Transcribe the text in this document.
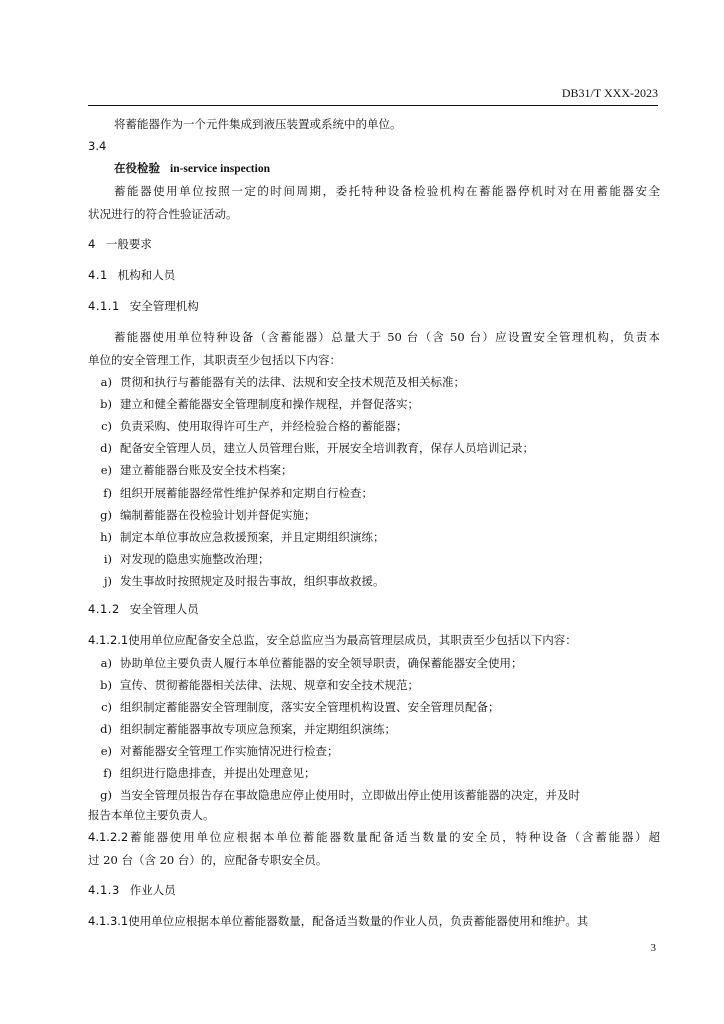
DB31/T XXX-2023
将蓄能器作为一个元件集成到液压装置或系统中的单位。
3.4
在役检验 in-service inspection
蓄能器使用单位按照一定的时间周期，委托特种设备检验机构在蓄能器停机时对在用蓄能器安全
状况进行的符合性验证活动。
4 一般要求
4.1 机构和人员
4.1.1 安全管理机构
蓄能器使用单位特种设备（含蓄能器）总量大于 50 台（含 50 台）应设置安全管理机构，负责本
单位的安全管理工作，其职责至少包括以下内容：
a) 贯彻和执行与蓄能器有关的法律、法规和安全技术规范及相关标准；
b) 建立和健全蓄能器安全管理制度和操作规程，并督促落实；
c) 负责采购、使用取得许可生产，并经检验合格的蓄能器；
d) 配备安全管理人员，建立人员管理台账，开展安全培训教育，保存人员培训记录；
e) 建立蓄能器台账及安全技术档案；
f) 组织开展蓄能器经常性维护保养和定期自行检查；
g) 编制蓄能器在役检验计划并督促实施；
h) 制定本单位事故应急救援预案，并且定期组织演练；
i) 对发现的隐患实施整改治理；
j) 发生事故时按照规定及时报告事故，组织事故救援。
4.1.2 安全管理人员
4.1.2.1使用单位应配备安全总监，安全总监应当为最高管理层成员，其职责至少包括以下内容：
a) 协助单位主要负责人履行本单位蓄能器的安全领导职责，确保蓄能器安全使用；
b) 宣传、贯彻蓄能器相关法律、法规、规章和安全技术规范；
c) 组织制定蓄能器安全管理制度，落实安全管理机构设置、安全管理员配备；
d) 组织制定蓄能器事故专项应急预案，并定期组织演练；
e) 对蓄能器安全管理工作实施情况进行检查；
f) 组织进行隐患排查，并提出处理意见；
g) 当安全管理员报告存在事故隐患应停止使用时，立即做出停止使用该蓄能器的决定，并及时
报告本单位主要负责人。
4.1.2.2蓄能器使用单位应根据本单位蓄能器数量配备适当数量的安全员，特种设备（含蓄能器）超
过 20 台（含 20 台）的，应配备专职安全员。
4.1.3 作业人员
4.1.3.1使用单位应根据本单位蓄能器数量，配备适当数量的作业人员，负责蓄能器使用和维护。其
3
